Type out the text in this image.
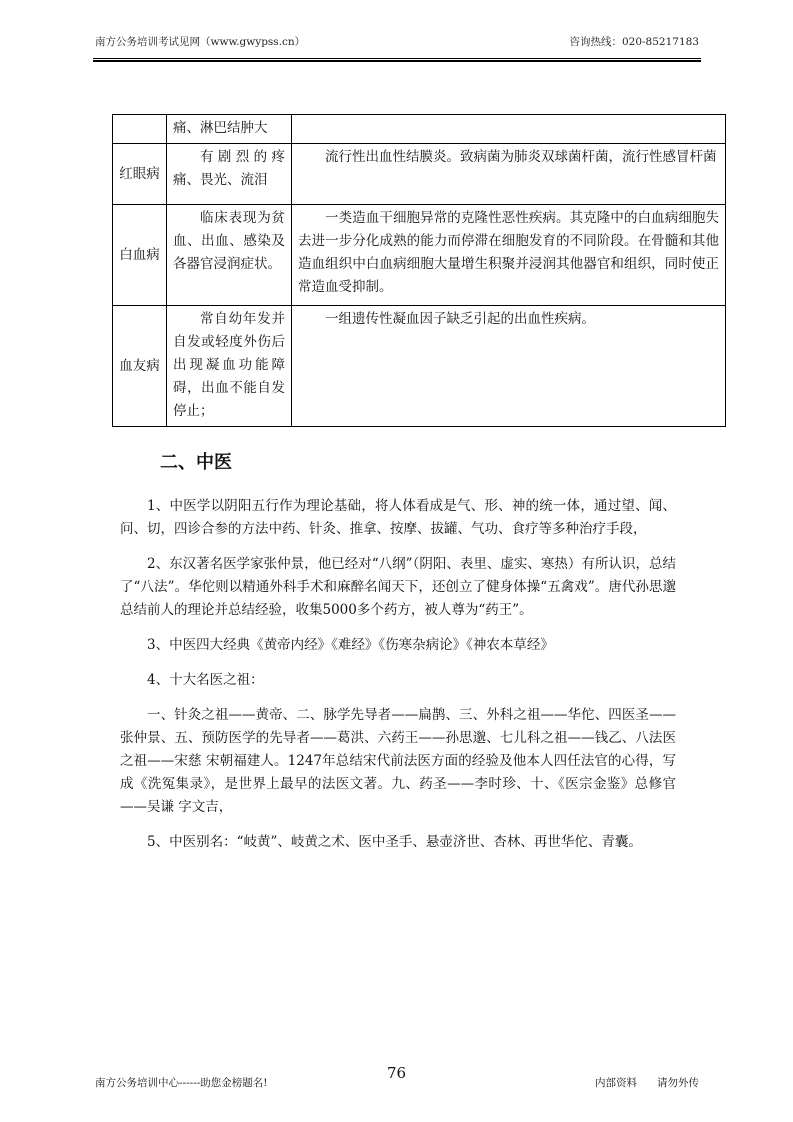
南方公务培训考试见网（www.gwypss.cn）	咨询热线：020-85217183
	痛、淋巴结肿大	
红眼病	有剧烈的疼痛、畏光、流泪	流行性出血性结膜炎。致病菌为肺炎双球菌杆菌，流行性感冒杆菌
白血病	临床表现为贫血、出血、感染及各器官浸润症状。	一类造血干细胞异常的克隆性恶性疾病。其克隆中的白血病细胞失去进一步分化成熟的能力而停滞在细胞发育的不同阶段。在骨髓和其他造血组织中白血病细胞大量增生积聚并浸润其他器官和组织，同时使正常造血受抑制。
血友病	常自幼年发并自发或轻度外伤后出现凝血功能障碍，出血不能自发停止；	一组遗传性凝血因子缺乏引起的出血性疾病。
二、中医

1、中医学以阴阳五行作为理论基础，将人体看成是气、形、神的统一体，通过望、闻、问、切，四诊合参的方法中药、针灸、推拿、按摩、拔罐、气功、食疗等多种治疗手段，

2、东汉著名医学家张仲景，他已经对“八纲”（阴阳、表里、虚实、寒热）有所认识，总结了“八法”。华佗则以精通外科手术和麻醉名闻天下，还创立了健身体操“五禽戏”。唐代孙思邈总结前人的理论并总结经验，收集5000多个药方，被人尊为“药王”。

3、中医四大经典《黄帝内经》《难经》《伤寒杂病论》《神农本草经》

4、十大名医之祖：

一、针灸之祖——黄帝、二、脉学先导者——扁鹊、三、外科之祖——华佗、四医圣——张仲景、五、预防医学的先导者——葛洪、六药王——孙思邈、七儿科之祖——钱乙、八法医之祖——宋慈 宋朝福建人。1247年总结宋代前法医方面的经验及他本人四任法官的心得，写成《洗冤集录》，是世界上最早的法医文著。九、药圣——李时珍、十、《医宗金鉴》总修官——吴谦 字文吉，

5、中医别名：“岐黄”、岐黄之术、医中圣手、悬壶济世、杏林、再世华佗、青囊。

南方公务培训中心------助您金榜题名!
76
内部资料 请勿外传
